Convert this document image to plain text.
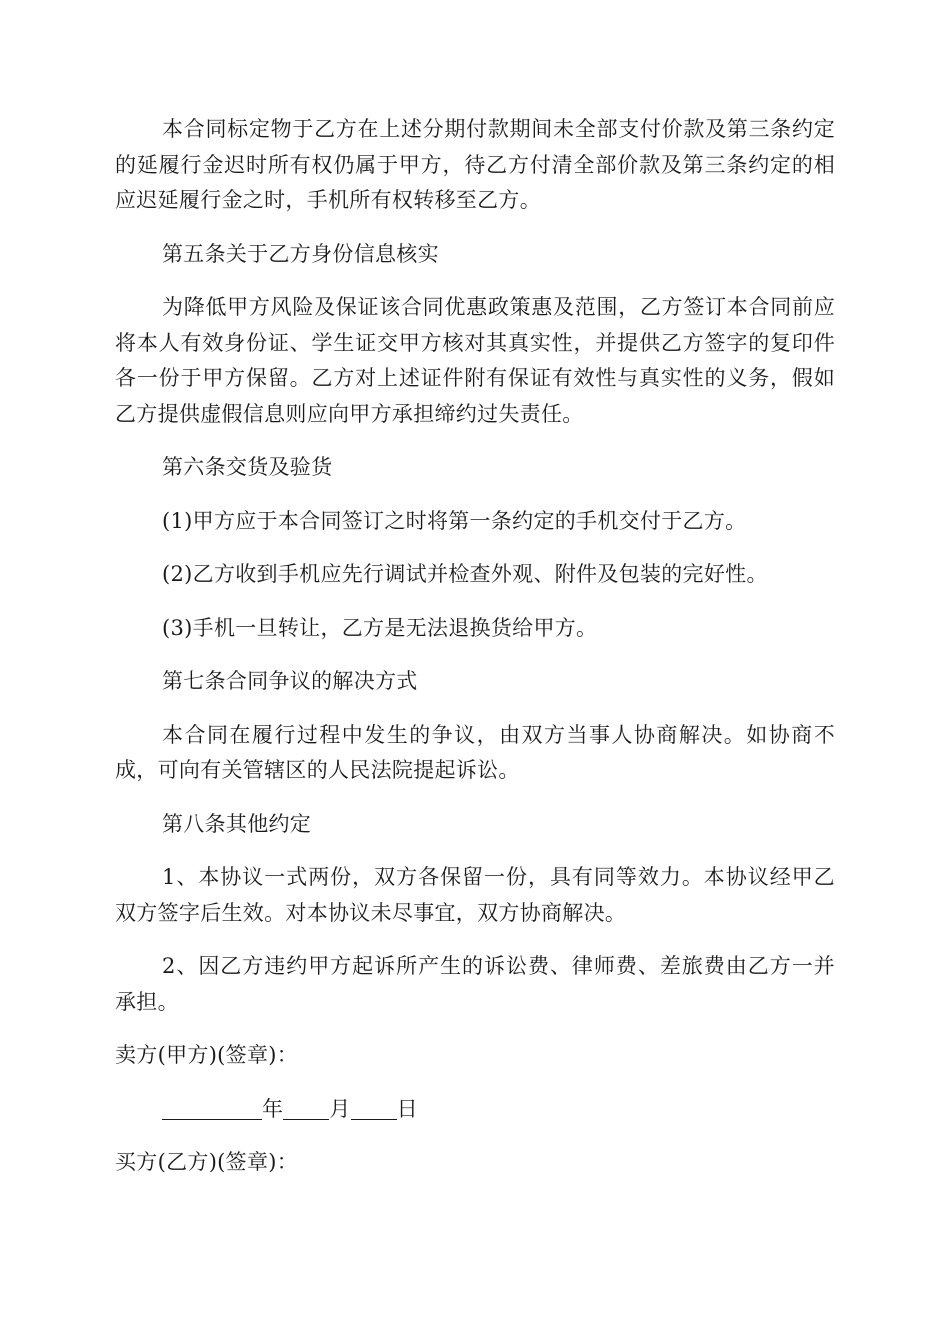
本合同标定物于乙方在上述分期付款期间未全部支付价款及第三条约定的延履行金迟时所有权仍属于甲方，待乙方付清全部价款及第三条约定的相应迟延履行金之时，手机所有权转移至乙方。

第五条关于乙方身份信息核实

为降低甲方风险及保证该合同优惠政策惠及范围，乙方签订本合同前应将本人有效身份证、学生证交甲方核对其真实性，并提供乙方签字的复印件各一份于甲方保留。乙方对上述证件附有保证有效性与真实性的义务，假如乙方提供虚假信息则应向甲方承担缔约过失责任。

第六条交货及验货

(1)甲方应于本合同签订之时将第一条约定的手机交付于乙方。

(2)乙方收到手机应先行调试并检查外观、附件及包装的完好性。

(3)手机一旦转让，乙方是无法退换货给甲方。

第七条合同争议的解决方式

本合同在履行过程中发生的争议，由双方当事人协商解决。如协商不成，可向有关管辖区的人民法院提起诉讼。

第八条其他约定

1、本协议一式两份，双方各保留一份，具有同等效力。本协议经甲乙双方签字后生效。对本协议未尽事宜，双方协商解决。

2、因乙方违约甲方起诉所产生的诉讼费、律师费、差旅费由乙方一并承担。

卖方(甲方)(签章)：

年 月 日

买方(乙方)(签章)：
